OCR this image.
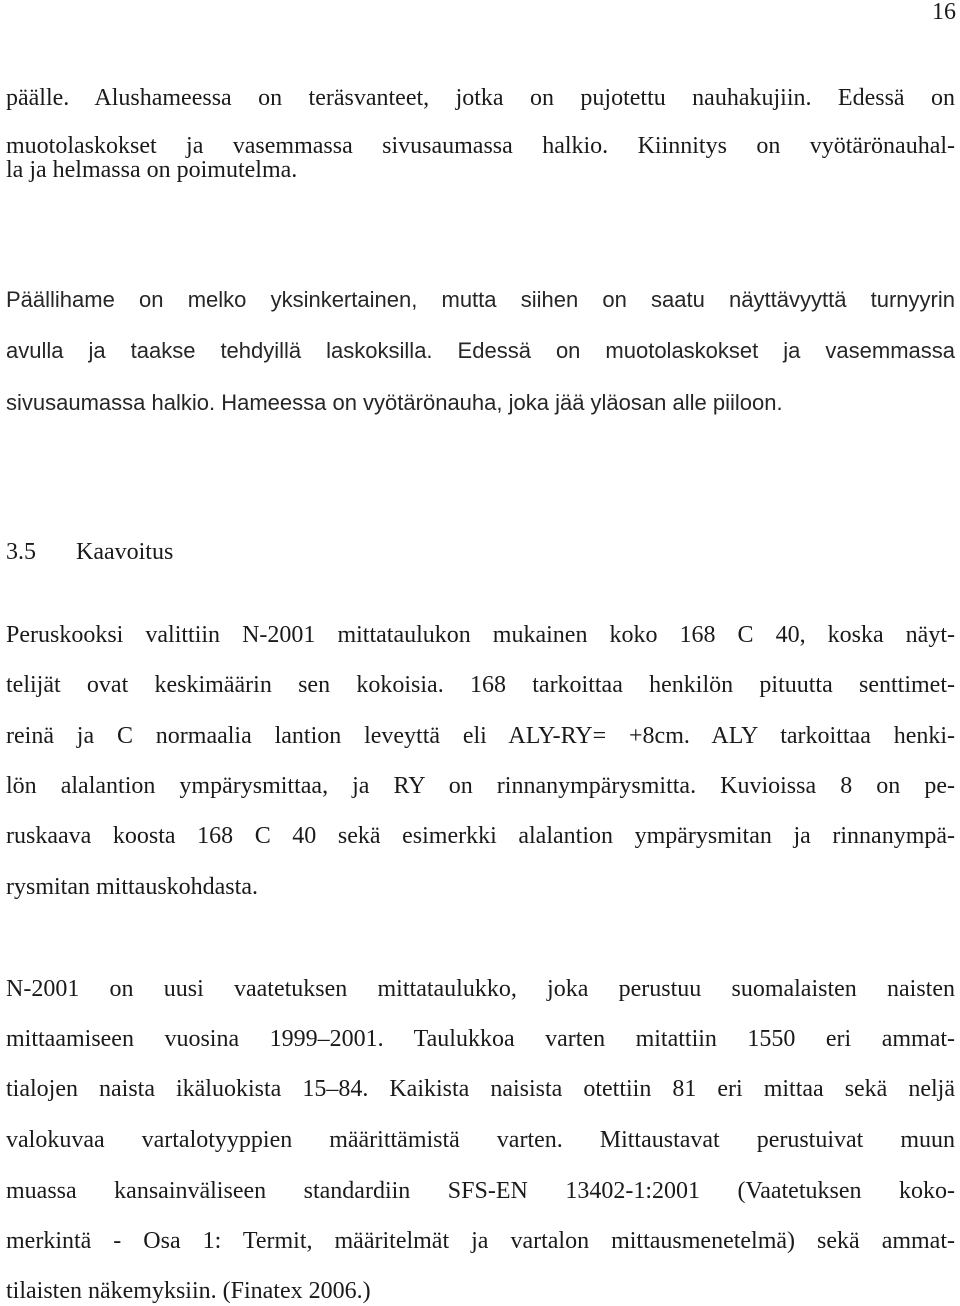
16
päälle. Alushameessa on teräsvanteet, jotka on pujotettu nauhakujiin. Edessä on
muotolaskokset ja vasemmassa sivusaumassa halkio. Kiinnitys on vyötärönauhal-
la ja helmassa on poimutelma.
Päällihame on melko yksinkertainen, mutta siihen on saatu näyttävyyttä turnyyrin
avulla ja taakse tehdyillä laskoksilla. Edessä on muotolaskokset ja vasemmassa
sivusaumassa halkio. Hameessa on vyötärönauha, joka jää yläosan alle piiloon.
3.5 Kaavoitus
Peruskooksi valittiin N-2001 mittataulukon mukainen koko 168 C 40, koska näyt-
telijät ovat keskimäärin sen kokoisia. 168 tarkoittaa henkilön pituutta senttimet-
reinä ja C normaalia lantion leveyttä eli ALY-RY= +8cm. ALY tarkoittaa henki-
lön alalantion ympärysmittaa, ja RY on rinnanympärysmitta. Kuvioissa 8 on pe-
ruskaava koosta 168 C 40 sekä esimerkki alalantion ympärysmitan ja rinnanympä-
rysmitan mittauskohdasta.
N-2001 on uusi vaatetuksen mittataulukko, joka perustuu suomalaisten naisten
mittaamiseen vuosina 1999–2001. Taulukkoa varten mitattiin 1550 eri ammat-
tialojen naista ikäluokista 15–84. Kaikista naisista otettiin 81 eri mittaa sekä neljä
valokuvaa vartalotyyppien määrittämistä varten. Mittaustavat perustuivat muun
muassa kansainväliseen standardiin SFS-EN 13402-1:2001 (Vaatetuksen koko-
merkintä - Osa 1: Termit, määritelmät ja vartalon mittausmenetelmä) sekä ammat-
tilaisten näkemyksiin. (Finatex 2006.)
